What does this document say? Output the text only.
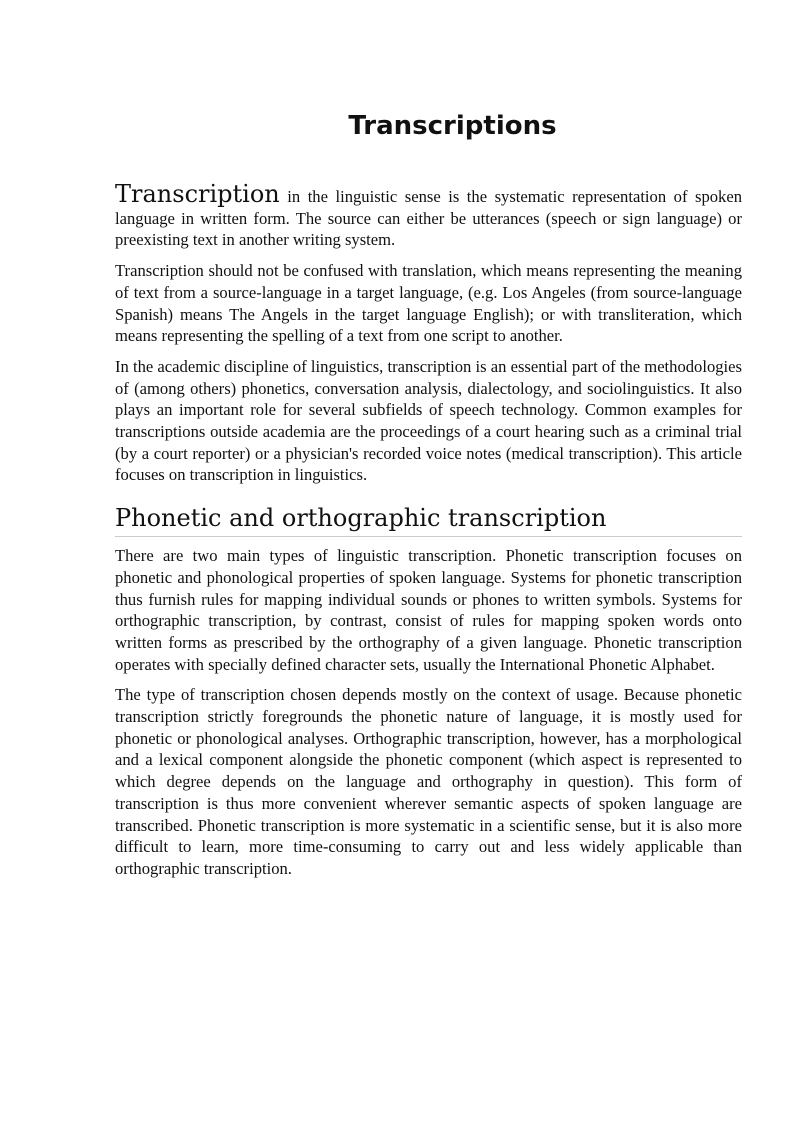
Transcriptions

Transcription in the linguistic sense is the systematic representation of spoken language in written form. The source can either be utterances (speech or sign language) or preexisting text in another writing system.

Transcription should not be confused with translation, which means representing the meaning of text from a source-language in a target language, (e.g. Los Angeles (from source-language Spanish) means The Angels in the target language English); or with transliteration, which means representing the spelling of a text from one script to another.

In the academic discipline of linguistics, transcription is an essential part of the methodologies of (among others) phonetics, conversation analysis, dialectology, and sociolinguistics. It also plays an important role for several subfields of speech technology. Common examples for transcriptions outside academia are the proceedings of a court hearing such as a criminal trial (by a court reporter) or a physician's recorded voice notes (medical transcription). This article focuses on transcription in linguistics.

Phonetic and orthographic transcription

There are two main types of linguistic transcription. Phonetic transcription focuses on phonetic and phonological properties of spoken language. Systems for phonetic transcription thus furnish rules for mapping individual sounds or phones to written symbols. Systems for orthographic transcription, by contrast, consist of rules for mapping spoken words onto written forms as prescribed by the orthography of a given language. Phonetic transcription operates with specially defined character sets, usually the International Phonetic Alphabet.

The type of transcription chosen depends mostly on the context of usage. Because phonetic transcription strictly foregrounds the phonetic nature of language, it is mostly used for phonetic or phonological analyses. Orthographic transcription, however, has a morphological and a lexical component alongside the phonetic component (which aspect is represented to which degree depends on the language and orthography in question). This form of transcription is thus more convenient wherever semantic aspects of spoken language are transcribed. Phonetic transcription is more systematic in a scientific sense, but it is also more difficult to learn, more time-consuming to carry out and less widely applicable than orthographic transcription.
